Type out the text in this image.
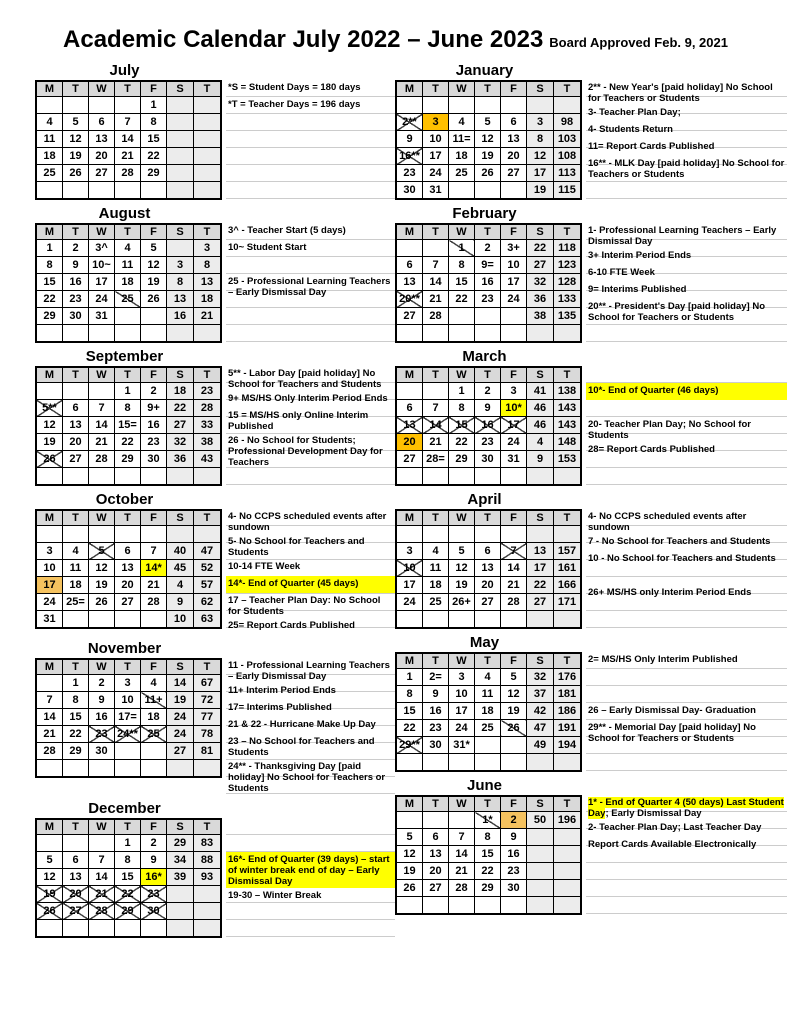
Academic Calendar July 2022 – June 2023 Board Approved Feb. 9, 2021
July
M	T	W	T	F	S	T
				1		
4	5	6	7	8		
11	12	13	14	15		
18	19	20	21	22		
25	26	27	28	29		

*S = Student Days = 180 days
*T = Teacher Days = 196 days
August
M	T	W	T	F	S	T
1	2	3^	4	5		3
8	9	10~	11	12	3	8
15	16	17	18	19	8	13
22	23	24	25	26	13	18
29	30	31			16	21

3^ - Teacher Start (5 days)
10~ Student Start
25 - Professional Learning Teachers – Early Dismissal Day
September
M	T	W	T	F	S	T
			1	2	18	23
5**	6	7	8	9+	22	28
12	13	14	15=	16	27	33
19	20	21	22	23	32	38
26	27	28	29	30	36	43

5** - Labor Day [paid holiday] No School for Teachers and Students
9+ MS/HS Only Interim Period Ends
15 = MS/HS only Online Interim Published
26 - No School for Students; Professional Development Day for Teachers
October
M	T	W	T	F	S	T

3	4	5	6	7	40	47
10	11	12	13	14*	45	52
17	18	19	20	21	4	57
24	25=	26	27	28	9	62
31					10	63
4- No CCPS scheduled events after sundown
5- No School for Teachers and Students
10-14 FTE Week
14*- End of Quarter (45 days)
17 – Teacher Plan Day: No School for Students
25= Report Cards Published
November
M	T	W	T	F	S	T
	1	2	3	4	14	67
7	8	9	10	11+	19	72
14	15	16	17=	18	24	77
21	22	23	24**	25	24	78
28	29	30			27	81

11 - Professional Learning Teachers – Early Dismissal Day
11+ Interim Period Ends
17= Interims Published
21 & 22 - Hurricane Make Up Day
23 – No School for Teachers and Students
24** - Thanksgiving Day [paid holiday] No School for Teachers or Students
December
M	T	W	T	F	S	T
			1	2	29	83
5	6	7	8	9	34	88
12	13	14	15	16*	39	93
19	20	21	22	23		
26	27	28	29	30		

16*- End of Quarter (39 days) – start of winter break end of day – Early Dismissal Day
19-30 – Winter Break
January
M	T	W	T	F	S	T

2**	3	4	5	6	3	98
9	10	11=	12	13	8	103
16**	17	18	19	20	12	108
23	24	25	26	27	17	113
30	31				19	115
2** - New Year's [paid holiday] No School for Teachers or Students
3- Teacher Plan Day;
4- Students Return
11= Report Cards Published
16** - MLK Day [paid holiday] No School for Teachers or Students
February
M	T	W	T	F	S	T
		1	2	3+	22	118
6	7	8	9=	10	27	123
13	14	15	16	17	32	128
20**	21	22	23	24	36	133
27	28				38	135

1- Professional Learning Teachers – Early Dismissal Day
3+ Interim Period Ends
6-10 FTE Week
9= Interims Published
20** - President's Day [paid holiday] No School for Teachers or Students
March
M	T	W	T	F	S	T
		1	2	3	41	138
6	7	8	9	10*	46	143
13	14	15	16	17	46	143
20	21	22	23	24	4	148
27	28=	29	30	31	9	153

10*- End of Quarter (46 days)
20- Teacher Plan Day; No School for Students
28= Report Cards Published
April
M	T	W	T	F	S	T

3	4	5	6	7	13	157
10	11	12	13	14	17	161
17	18	19	20	21	22	166
24	25	26+	27	28	27	171

4- No CCPS scheduled events after sundown
7 - No School for Teachers and Students
10 - No School for Teachers and Students
26+ MS/HS only Interim Period Ends
May
M	T	W	T	F	S	T
1	2=	3	4	5	32	176
8	9	10	11	12	37	181
15	16	17	18	19	42	186
22	23	24	25	26	47	191
29**	30	31*			49	194

2= MS/HS Only Interim Published
26 – Early Dismissal Day- Graduation
29** - Memorial Day [paid holiday] No School for Teachers or Students
June
M	T	W	T	F	S	T
			1*	2	50	196
5	6	7	8	9		
12	13	14	15	16		
19	20	21	22	23		
26	27	28	29	30		

1* - End of Quarter 4 (50 days) Last Student Day; Early Dismissal Day
2- Teacher Plan Day; Last Teacher Day
Report Cards Available Electronically
